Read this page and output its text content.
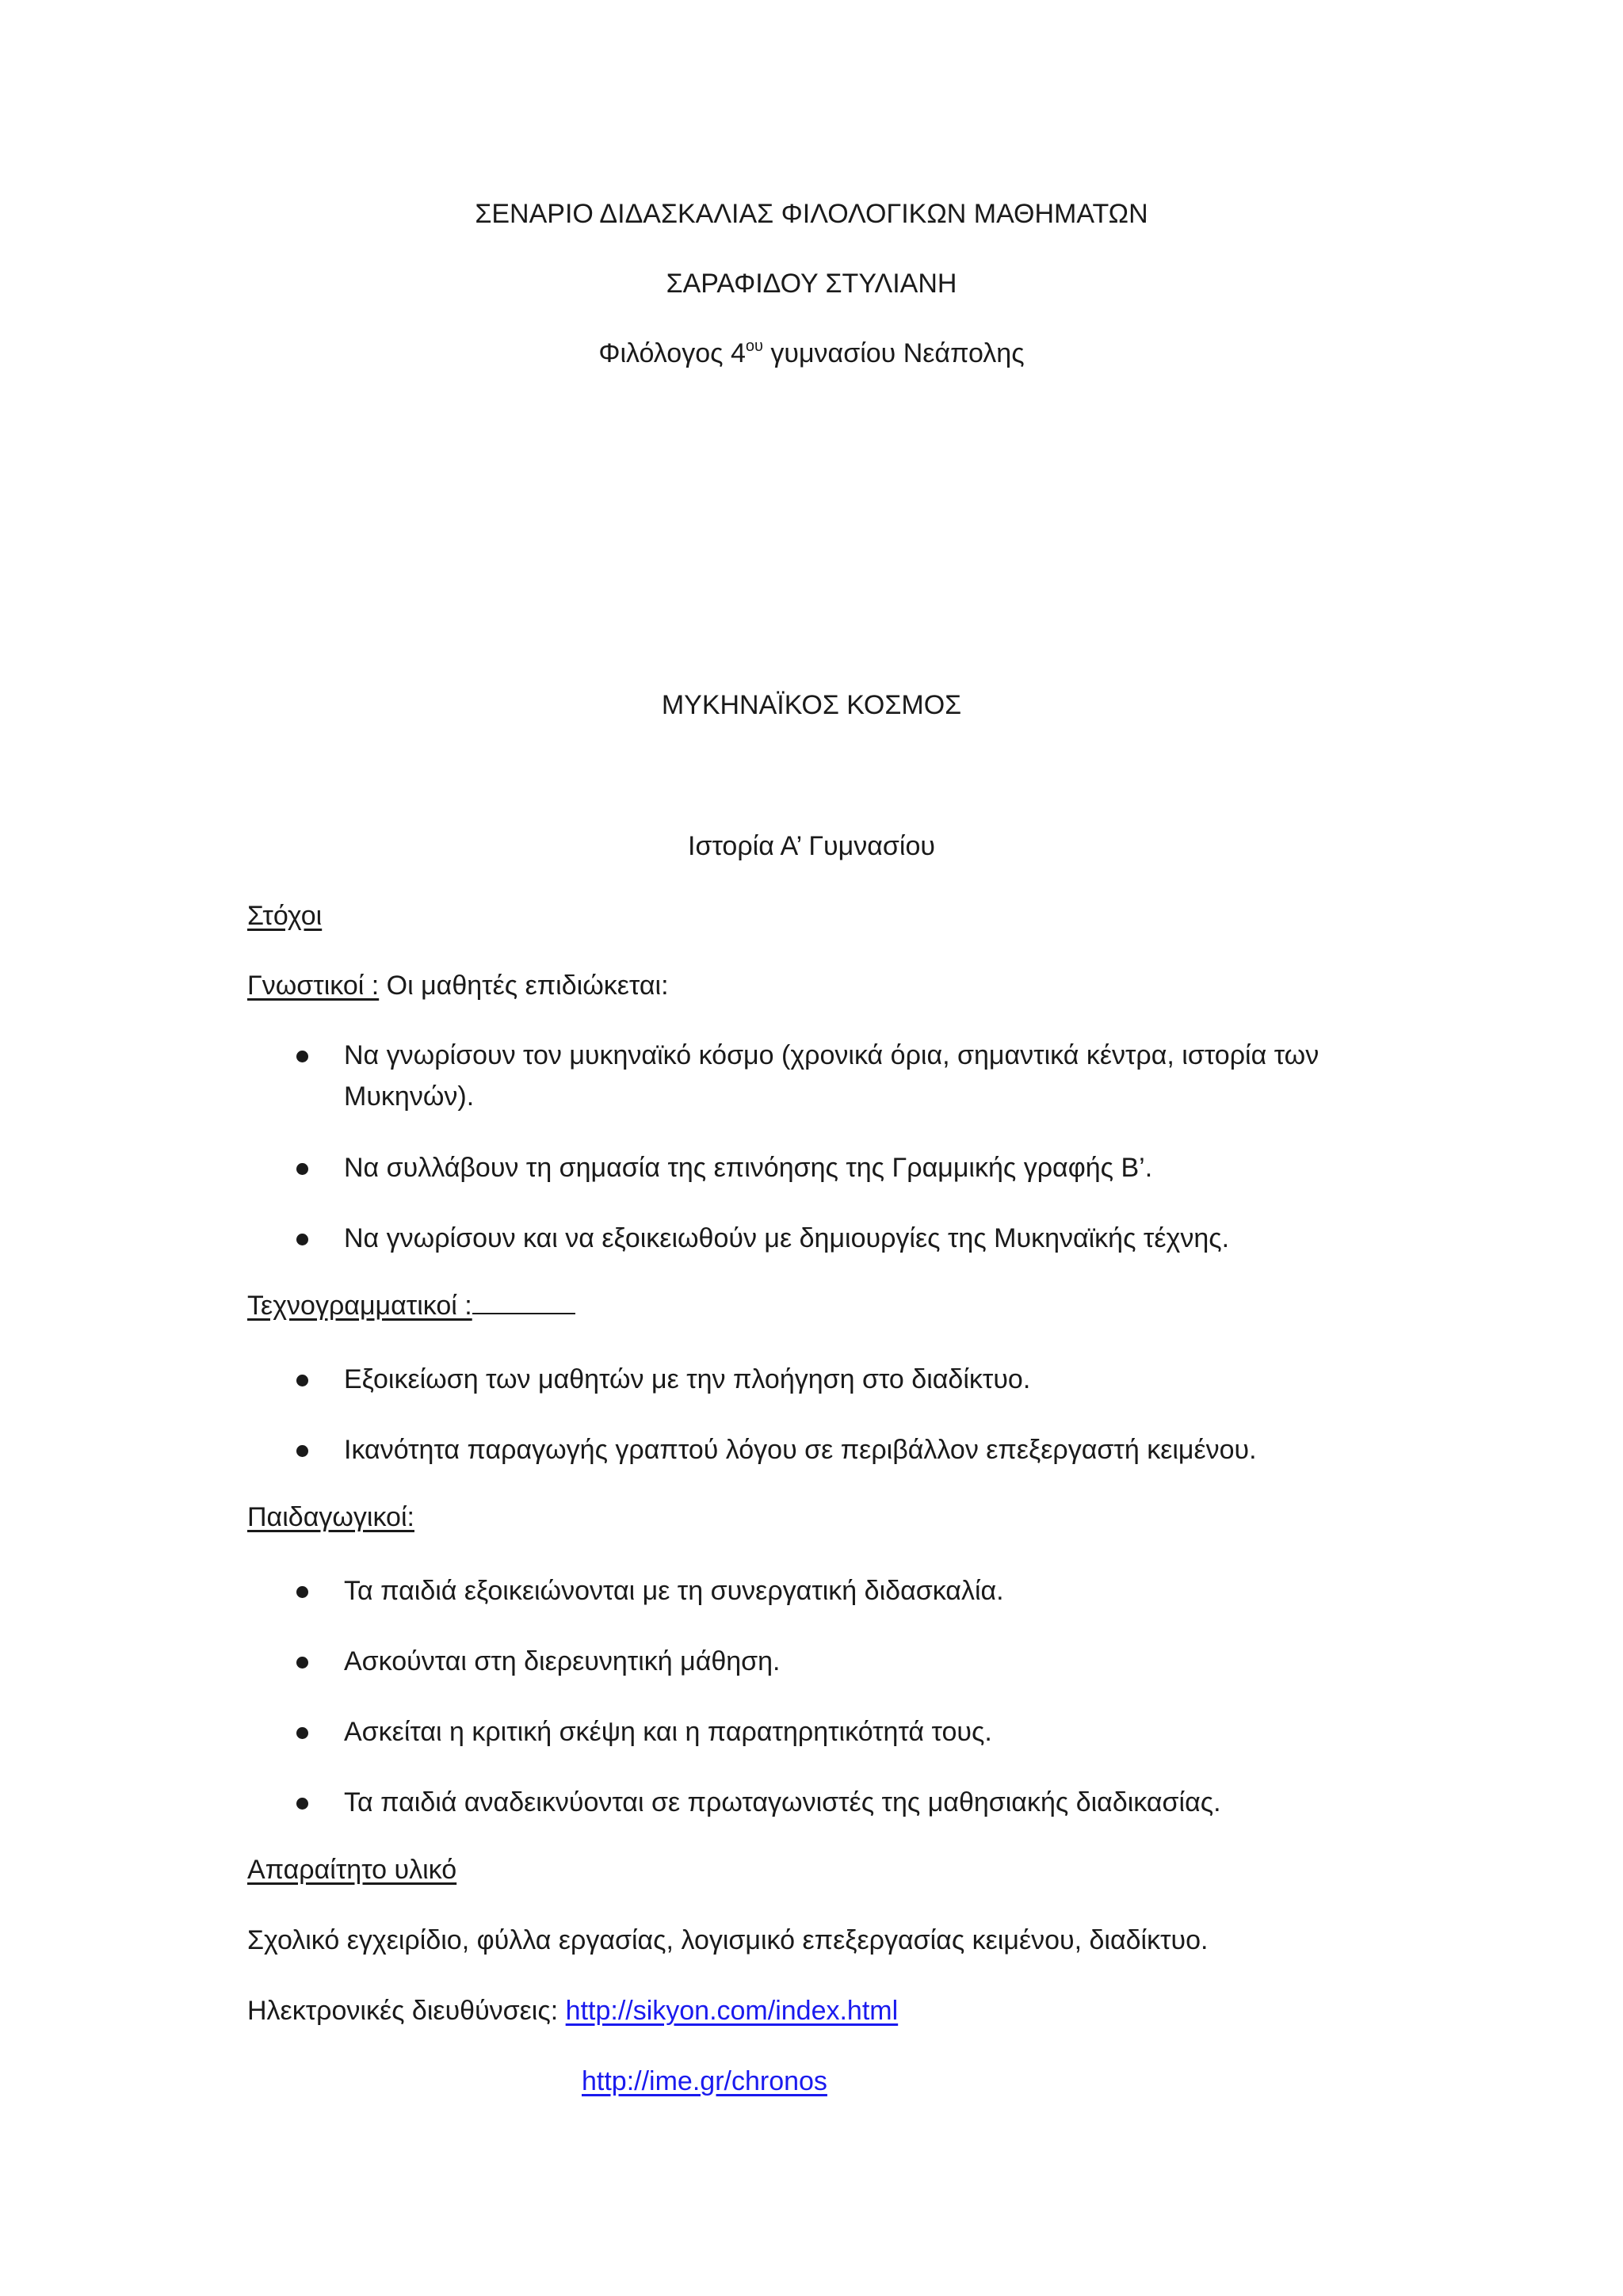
ΣΕΝΑΡΙΟ ΔΙΔΑΣΚΑΛΙΑΣ ΦΙΛΟΛΟΓΙΚΩΝ ΜΑΘΗΜΑΤΩΝ
ΣΑΡΑΦΙΔΟΥ ΣΤΥΛΙΑΝΗ
Φιλόλογος $4^{o\upsilon}$ γυμνασίου Νεάπολης
ΜΥΚΗΝΑΪΚΟΣ ΚΟΣΜΟΣ
Ιστορία Α’ Γυμνασίου
Στόχοι
Γνωστικοί : Οι μαθητές επιδιώκεται:
Να γνωρίσουν τον μυκηναϊκό κόσμο (χρονικά όρια, σημαντικά κέντρα, ιστορία των Μυκηνών).
Να συλλάβουν τη σημασία της επινόησης της Γραμμικής γραφής Β’.
Να γνωρίσουν και να εξοικειωθούν με δημιουργίες της Μυκηναϊκής τέχνης.
Τεχνογραμματικοί :
Εξοικείωση των μαθητών με την πλοήγηση στο διαδίκτυο.
Ικανότητα παραγωγής γραπτού λόγου σε περιβάλλον επεξεργαστή κειμένου.
Παιδαγωγικοί:
Τα παιδιά εξοικειώνονται με τη συνεργατική διδασκαλία.
Ασκούνται στη διερευνητική μάθηση.
Ασκείται η κριτική σκέψη και η παρατηρητικότητά τους.
Τα παιδιά αναδεικνύονται σε πρωταγωνιστές της μαθησιακής διαδικασίας.
Απαραίτητο υλικό
Σχολικό εγχειρίδιο, φύλλα εργασίας, λογισμικό επεξεργασίας κειμένου, διαδίκτυο.
Ηλεκτρονικές διευθύνσεις: http://sikyon.com/index.html
http://ime.gr/chronos
